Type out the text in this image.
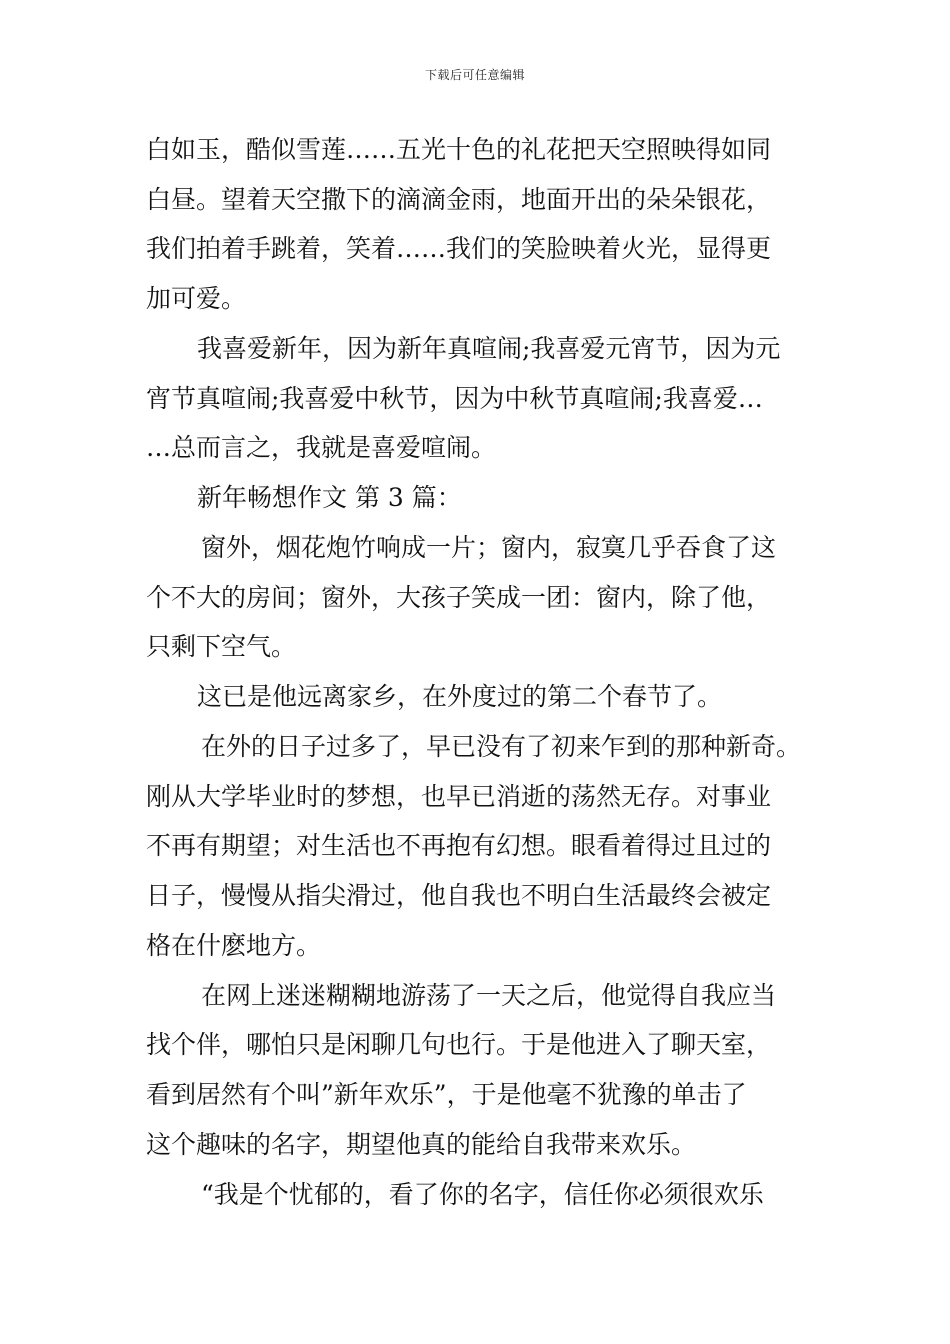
下载后可任意编辑
白如玉，酷似雪莲……五光十色的礼花把天空照映得如同
白昼。望着天空撒下的滴滴金雨，地面开出的朵朵银花，
我们拍着手跳着，笑着……我们的笑脸映着火光，显得更
加可爱。
我喜爱新年，因为新年真喧闹;我喜爱元宵节，因为元
宵节真喧闹;我喜爱中秋节，因为中秋节真喧闹;我喜爱…
…总而言之，我就是喜爱喧闹。
新年畅想作文 第 3 篇：
窗外，烟花炮竹响成一片；窗内，寂寞几乎吞食了这
个不大的房间；窗外，大孩子笑成一团：窗内，除了他，
只剩下空气。
这已是他远离家乡，在外度过的第二个春节了。
在外的日子过多了，早已没有了初来乍到的那种新奇。
刚从大学毕业时的梦想，也早已消逝的荡然无存。对事业
不再有期望；对生活也不再抱有幻想。眼看着得过且过的
日子，慢慢从指尖滑过，他自我也不明白生活最终会被定
格在什麽地方。
在网上迷迷糊糊地游荡了一天之后，他觉得自我应当
找个伴，哪怕只是闲聊几句也行。于是他进入了聊天室，
看到居然有个叫”新年欢乐”，于是他毫不犹豫的单击了
这个趣味的名字，期望他真的能给自我带来欢乐。
“我是个忧郁的，看了你的名字，信任你必须很欢乐
